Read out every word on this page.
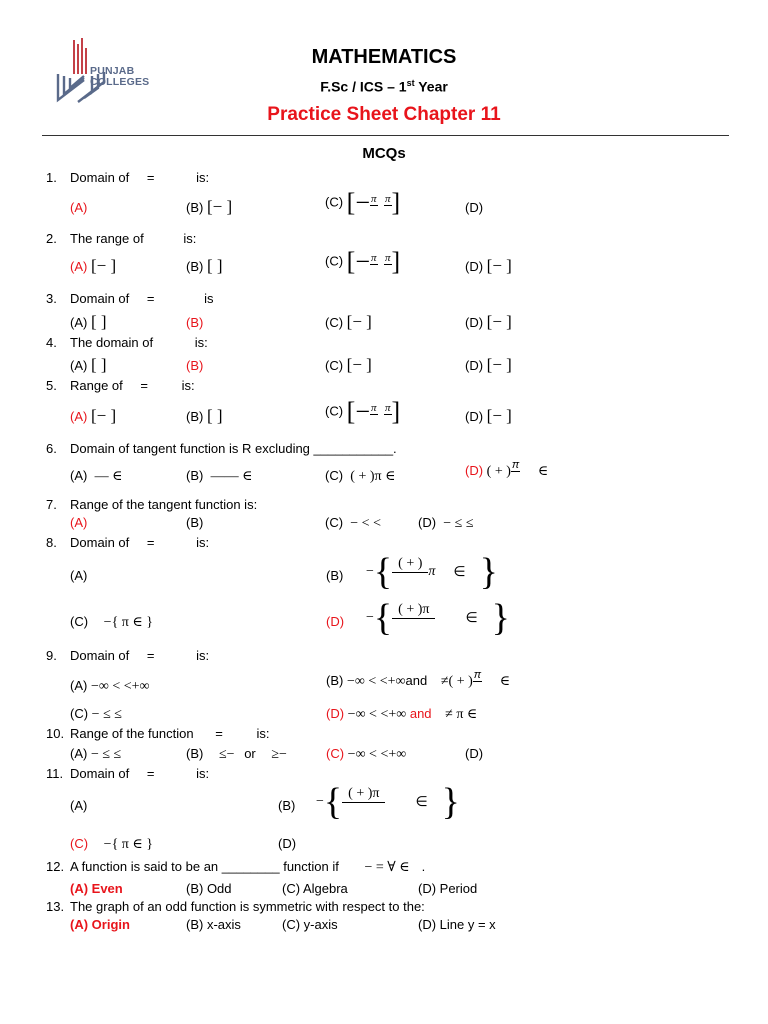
PUNJAB
COLLEGES
MATHEMATICS
F.Sc / ICS – 1st Year
Practice Sheet Chapter 11
MCQs
1. Domain of =	is:
(A)	(B) [− ]	(C) [− π

π
]	(D)
2. The range of	is:
(A) [− ]	(B) [ ]	(C) [− π

π
]	(D) [− ]
3. Domain of =	is
(A) [ ]	(B)	(C) [− ]	(D) [− ]
4. The domain of	is:
(A) [ ]	(B)	(C) [− ]	(D) [− ]
5. Range of =	is:
(A) [− ]	(B) [ ]	(C) [− π

π
]	(D) [− ]
6. Domain of tangent function is R excluding ___________.
(A) — ∈	(B) —— ∈	(C) ( + )π ∈	(D) ( + ) π
∈
7. Range of the tangent function is:
(A)	(B)	(C) − < <	(D) − ≤ ≤
8. Domain of =	is:
(A)	(B) −{ ( + )

π ∈ }
(C) −{ π ∈ }	(D) −{ ( + )π

∈ }
9. Domain of =	is:
(A) −∞ < <+∞	(B) −∞ < <+∞and ≠( + ) π
∈
(C) − ≤ ≤	(D) −∞ < <+∞ and ≠ π ∈
10. Range of the function =	is:
(A) − ≤ ≤	(B) ≤− or ≥−	(C) −∞ < <+∞	(D)
11. Domain of =	is:
(A)	(B) −{ ( + )π

∈ }
(C) −{ π ∈ }	(D)
12. A function is said to be an ________ function if − = ∀ ∈ .
(A) Even	(B) Odd	(C) Algebra	(D) Period
13. The graph of an odd function is symmetric with respect to the:
(A) Origin	(B) x-axis	(C) y-axis	(D) Line y = x
